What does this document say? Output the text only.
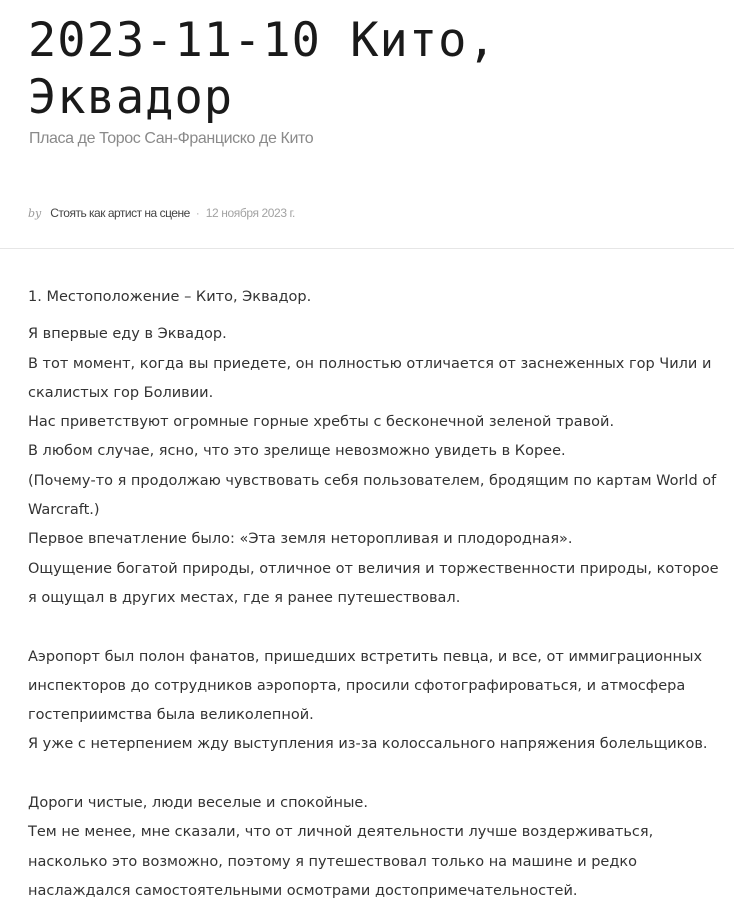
2023-11-10 Кито,
Эквадор

Пласа де Торос Сан-Франциско де Кито

by Стоять как артист на сцене · 12 ноября 2023 г.

1. Местоположение – Кито, Эквадор.

Я впервые еду в Эквадор.

В тот момент, когда вы приедете, он полностью отличается от заснеженных гор Чили и

скалистых гор Боливии.

Нас приветствуют огромные горные хребты с бесконечной зеленой травой.

В любом случае, ясно, что это зрелище невозможно увидеть в Корее.

(Почему-то я продолжаю чувствовать себя пользователем, бродящим по картам World of

Warcraft.)

Первое впечатление было: «Эта земля неторопливая и плодородная».

Ощущение богатой природы, отличное от величия и торжественности природы, которое

я ощущал в других местах, где я ранее путешествовал.

Аэропорт был полон фанатов, пришедших встретить певца, и все, от иммиграционных

инспекторов до сотрудников аэропорта, просили сфотографироваться, и атмосфера

гостеприимства была великолепной.

Я уже с нетерпением жду выступления из-за колоссального напряжения болельщиков.

Дороги чистые, люди веселые и спокойные.

Тем не менее, мне сказали, что от личной деятельности лучше воздерживаться,

насколько это возможно, поэтому я путешествовал только на машине и редко

наслаждался самостоятельными осмотрами достопримечательностей.
